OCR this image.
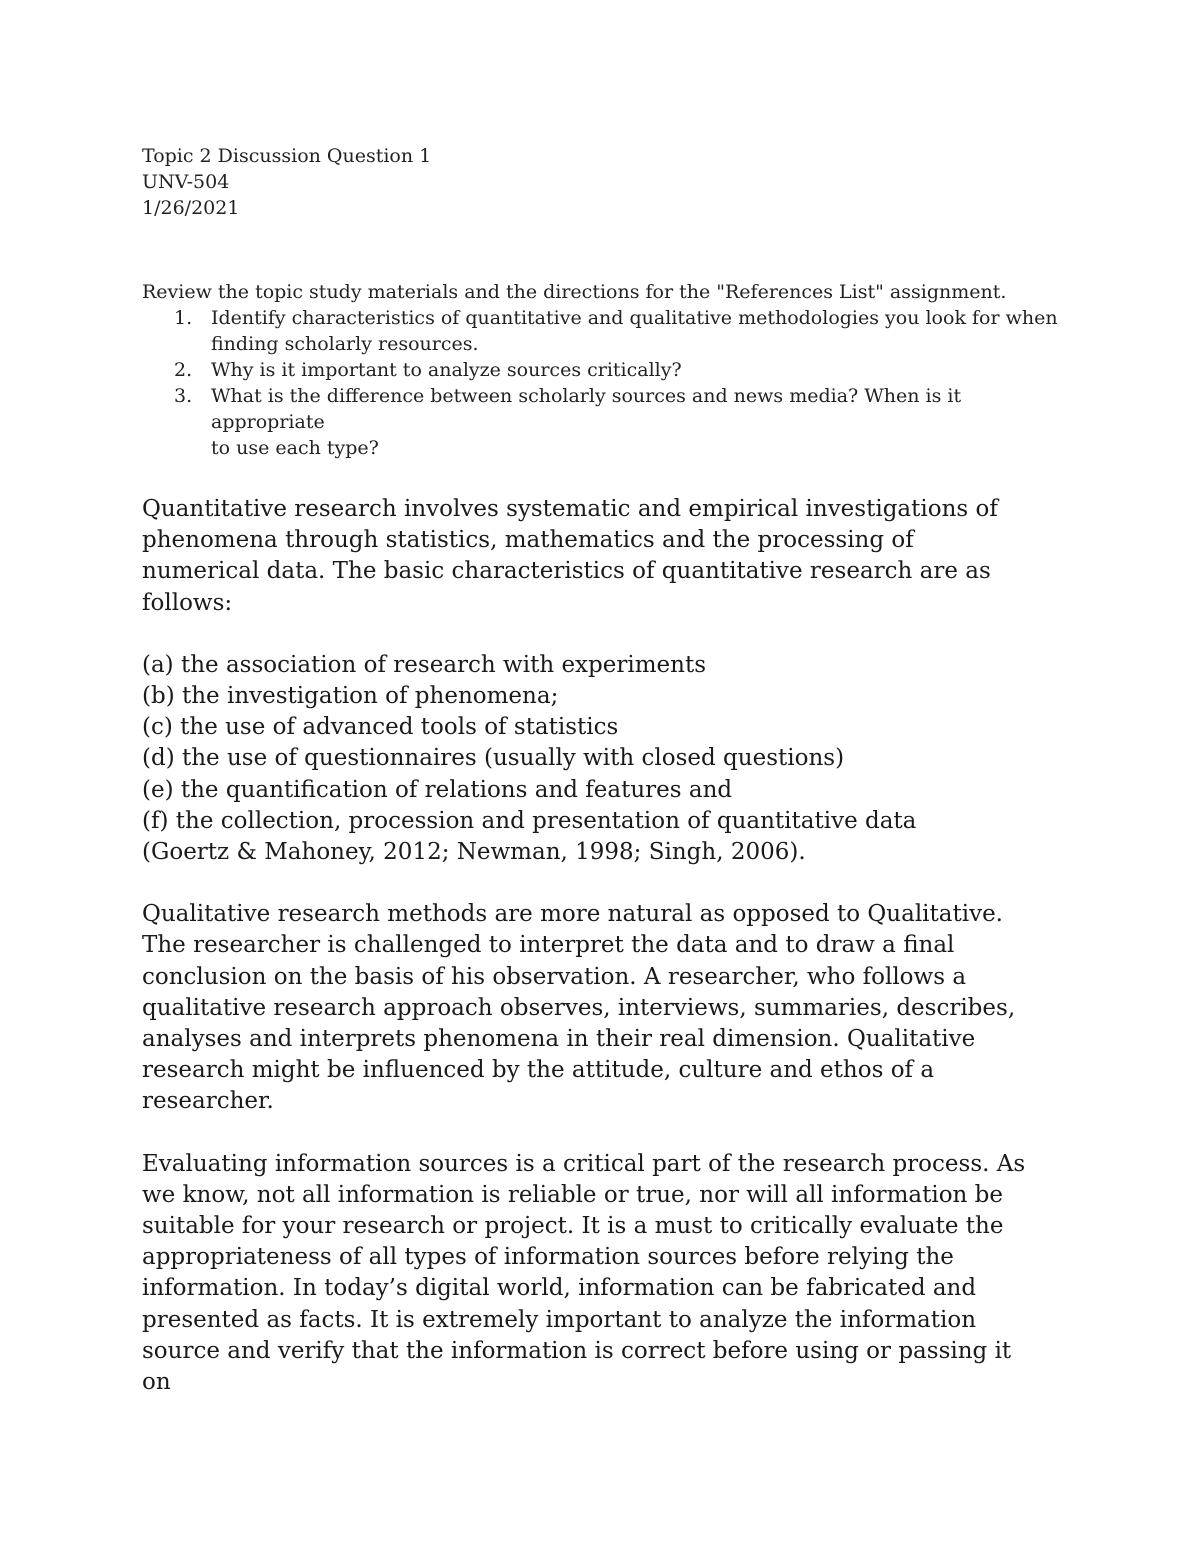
Topic 2 Discussion Question 1
UNV-504
1/26/2021
Review the topic study materials and the directions for the "References List" assignment.
1. Identify characteristics of quantitative and qualitative methodologies you look for when
finding scholarly resources.
2. Why is it important to analyze sources critically?
3. What is the difference between scholarly sources and news media? When is it appropriate
to use each type?
Quantitative research involves systematic and empirical investigations of
phenomena through statistics, mathematics and the processing of
numerical data. The basic characteristics of quantitative research are as
follows:
(a) the association of research with experiments
(b) the investigation of phenomena;
(c) the use of advanced tools of statistics
(d) the use of questionnaires (usually with closed questions)
(e) the quantification of relations and features and
(f) the collection, procession and presentation of quantitative data
(Goertz & Mahoney, 2012; Newman, 1998; Singh, 2006).
Qualitative research methods are more natural as opposed to Qualitative.
The researcher is challenged to interpret the data and to draw a final
conclusion on the basis of his observation. A researcher, who follows a
qualitative research approach observes, interviews, summaries, describes,
analyses and interprets phenomena in their real dimension. Qualitative
research might be influenced by the attitude, culture and ethos of a
researcher.
Evaluating information sources is a critical part of the research process. As
we know, not all information is reliable or true, nor will all information be
suitable for your research or project. It is a must to critically evaluate the
appropriateness of all types of information sources before relying the
information. In today’s digital world, information can be fabricated and
presented as facts. It is extremely important to analyze the information
source and verify that the information is correct before using or passing it
on
